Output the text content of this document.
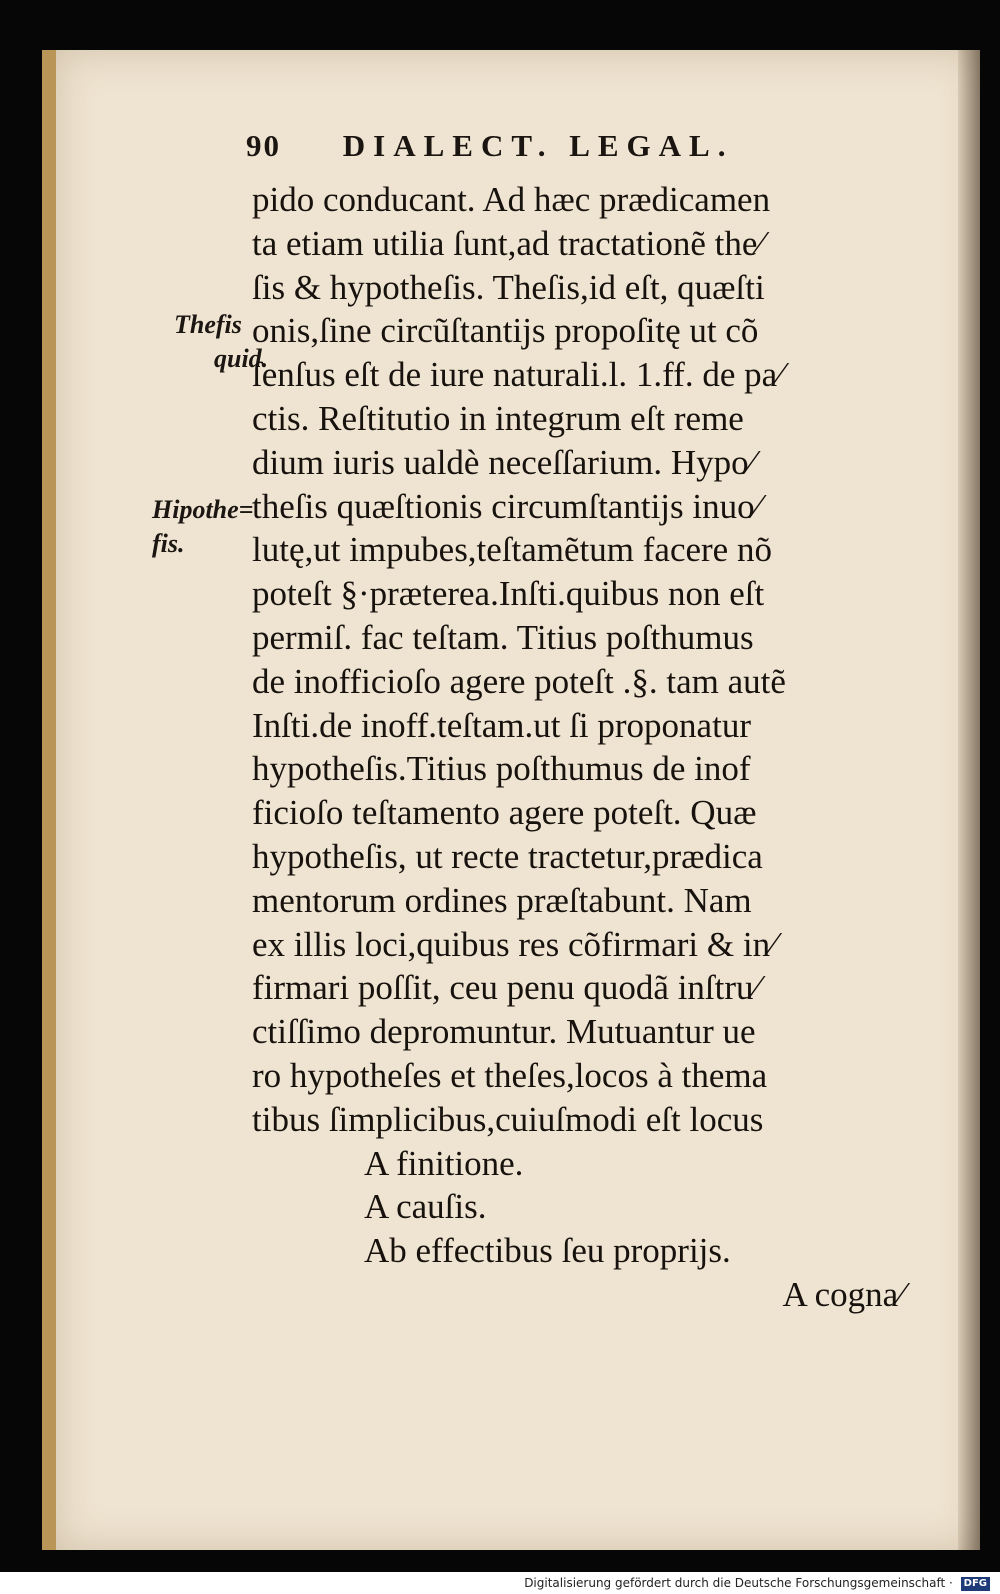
90 DIALECT. LEGAL.
Thefis
quid.
Hipothe=
fis.
pido conducant. Ad hæc prædicamen
ta etiam utilia ſunt,ad tractationẽ the⁄
ſis & hypotheſis. Theſis,id eſt, quæſti
onis,ſine circũſtantijs propoſitę ut cõ
ſenſus eſt de iure naturali.l. 1.ff. de pa⁄
ctis. Reſtitutio in integrum eſt reme
dium iuris ualdè neceſſarium. Hypo⁄
theſis quæſtionis circumſtantijs inuo⁄
lutę,ut impubes,teſtamẽtum facere nõ
poteſt §·præterea.Inſti.quibus non eſt
permiſ. fac teſtam. Titius poſthumus
de inofficioſo agere poteſt .§. tam autẽ
Inſti.de inoff.teſtam.ut ſi proponatur
hypotheſis.Titius poſthumus de inof
ficioſo teſtamento agere poteſt. Quæ
hypotheſis, ut recte tractetur,prædica
mentorum ordines præſtabunt. Nam
ex illis loci,quibus res cõfirmari & in⁄
firmari poſſit, ceu penu quodã inſtru⁄
ctiſſimo depromuntur. Mutuantur ue
ro hypotheſes et theſes,locos à thema
tibus ſimplicibus,cuiuſmodi eſt locus
A finitione.
A cauſis.
Ab effectibus ſeu proprijs.
A cogna⁄
Digitalisierung gefördert durch die Deutsche Forschungsgemeinschaft · DFG
